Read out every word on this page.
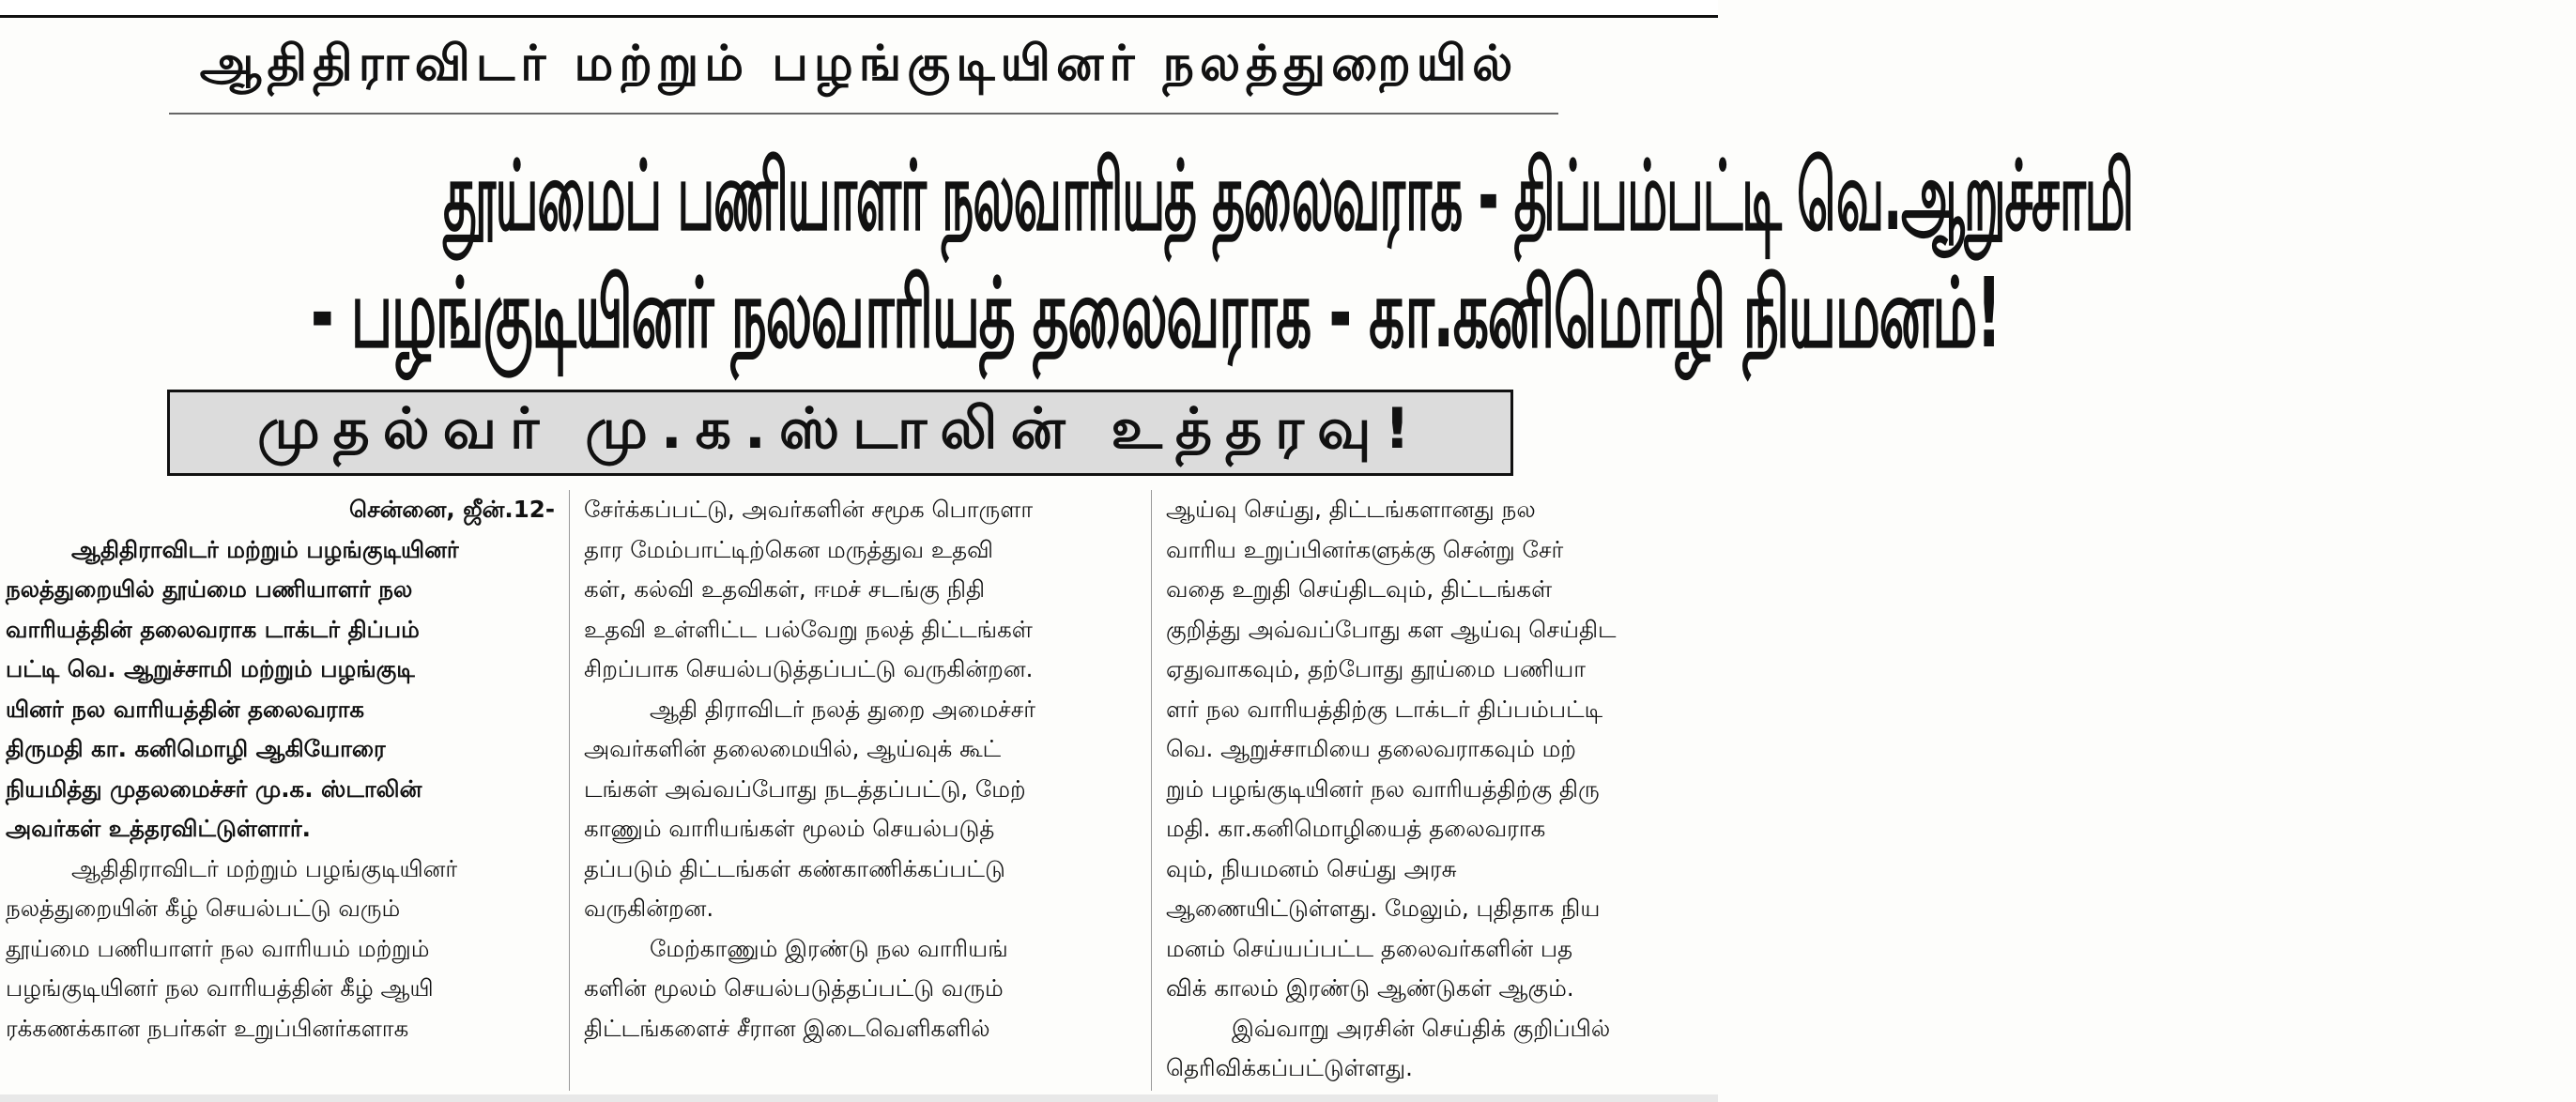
ஆதிதிராவிடர் மற்றும் பழங்குடியினர் நலத்துறையில்
தூய்மைப் பணியாளர் நலவாரியத் தலைவராக - திப்பம்பட்டி வெ.ஆறுச்சாமி
- பழங்குடியினர் நலவாரியத் தலைவராக - கா.கனிமொழி நியமனம்!
முதல்வர் மு.க.ஸ்டாலின் உத்தரவு!
சென்னை, ஜீன்.12-
ஆதிதிராவிடர் மற்றும் பழங்குடியினர்
நலத்துறையில் தூய்மை பணியாளர் நல
வாரியத்தின் தலைவராக டாக்டர் திப்பம்
பட்டி வெ. ஆறுச்சாமி மற்றும் பழங்குடி
யினர் நல வாரியத்தின் தலைவராக
திருமதி கா. கனிமொழி ஆகியோரை
நியமித்து முதலமைச்சர் மு.க. ஸ்டாலின்
அவர்கள் உத்தரவிட்டுள்ளார்.
ஆதிதிராவிடர் மற்றும் பழங்குடியினர்
நலத்துறையின் கீழ் செயல்பட்டு வரும்
தூய்மை பணியாளர் நல வாரியம் மற்றும்
பழங்குடியினர் நல வாரியத்தின் கீழ் ஆயி
ரக்கணக்கான நபர்கள் உறுப்பினர்களாக
சேர்க்கப்பட்டு, அவர்களின் சமூக பொருளா
தார மேம்பாட்டிற்கென மருத்துவ உதவி
கள், கல்வி உதவிகள், ஈமச் சடங்கு நிதி
உதவி உள்ளிட்ட பல்வேறு நலத் திட்டங்கள்
சிறப்பாக செயல்படுத்தப்பட்டு வருகின்றன.
ஆதி திராவிடர் நலத் துறை அமைச்சர்
அவர்களின் தலைமையில், ஆய்வுக் கூட்
டங்கள் அவ்வப்போது நடத்தப்பட்டு, மேற்
காணும் வாரியங்கள் மூலம் செயல்படுத்
தப்படும் திட்டங்கள் கண்காணிக்கப்பட்டு
வருகின்றன.
மேற்காணும் இரண்டு நல வாரியங்
களின் மூலம் செயல்படுத்தப்பட்டு வரும்
திட்டங்களைச் சீரான இடைவெளிகளில்
ஆய்வு செய்து, திட்டங்களானது நல
வாரிய உறுப்பினர்களுக்கு சென்று சேர்
வதை உறுதி செய்திடவும், திட்டங்கள்
குறித்து அவ்வப்போது கள ஆய்வு செய்திட
ஏதுவாகவும், தற்போது தூய்மை பணியா
ளர் நல வாரியத்திற்கு டாக்டர் திப்பம்பட்டி
வெ. ஆறுச்சாமியை தலைவராகவும் மற்
றும் பழங்குடியினர் நல வாரியத்திற்கு திரு
மதி. கா.கனிமொழியைத் தலைவராக
வும், நியமனம் செய்து அரசு
ஆணையிட்டுள்ளது. மேலும், புதிதாக நிய
மனம் செய்யப்பட்ட தலைவர்களின் பத
விக் காலம் இரண்டு ஆண்டுகள் ஆகும்.
இவ்வாறு அரசின் செய்திக் குறிப்பில்
தெரிவிக்கப்பட்டுள்ளது.
